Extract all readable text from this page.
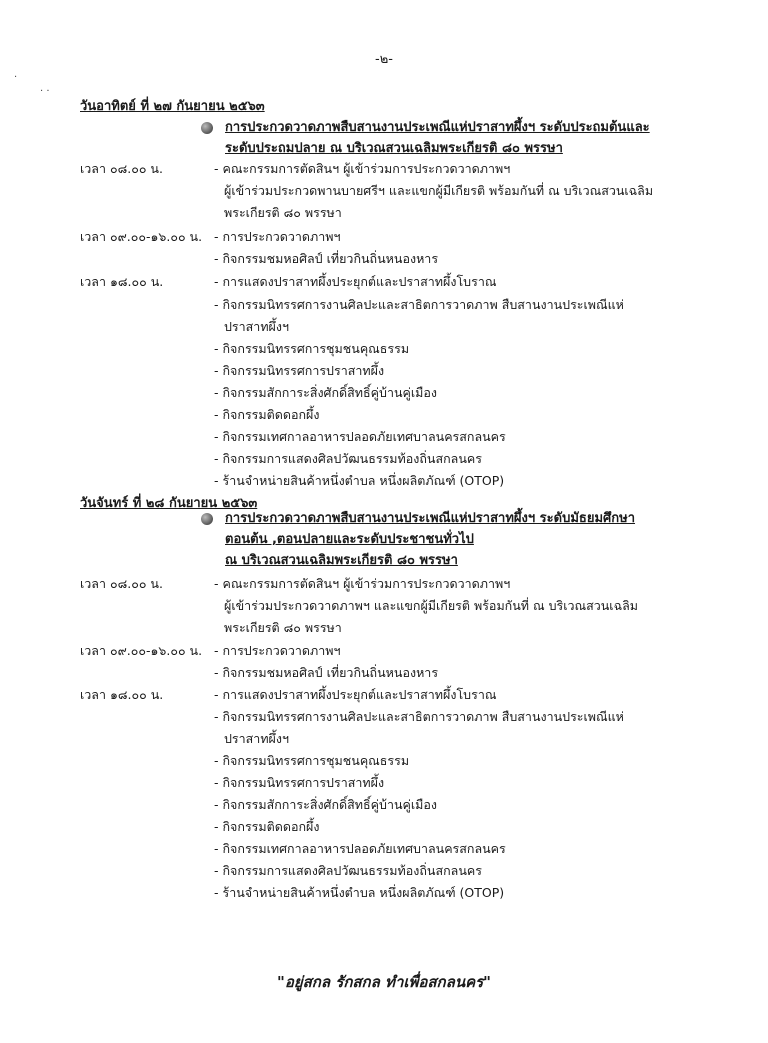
·
· ·
-๒-
วันอาทิตย์ ที่ ๒๗ กันยายน ๒๕๖๓
การประกวดวาดภาพสืบสานงานประเพณีแห่ปราสาทผึ้งฯ ระดับประถมต้นและ
ระดับประถมปลาย ณ บริเวณสวนเฉลิมพระเกียรติ ๘๐ พรรษา
เวลา ๐๘.๐๐ น.	- คณะกรรมการตัดสินฯ ผู้เข้าร่วมการประกวดวาดภาพฯ
ผู้เข้าร่วมประกวดพานบายศรีฯ และแขกผู้มีเกียรติ พร้อมกันที่ ณ บริเวณสวนเฉลิม
พระเกียรติ ๘๐ พรรษา
เวลา ๐๙.๐๐-๑๖.๐๐ น. - การประกวดวาดภาพฯ
- กิจกรรมชมหอศิลป์ เที่ยวกินถิ่นหนองหาร
เวลา ๑๘.๐๐ น.	- การแสดงปราสาทผึ้งประยุกต์และปราสาทผึ้งโบราณ
- กิจกรรมนิทรรศการงานศิลปะและสาธิตการวาดภาพ สืบสานงานประเพณีแห่
ปราสาทผึ้งฯ
- กิจกรรมนิทรรศการชุมชนคุณธรรม
- กิจกรรมนิทรรศการปราสาทผึ้ง
- กิจกรรมสักการะสิ่งศักดิ์สิทธิ์คู่บ้านคู่เมือง
- กิจกรรมติดดอกผึ้ง
- กิจกรรมเทศกาลอาหารปลอดภัยเทศบาลนครสกลนคร
- กิจกรรมการแสดงศิลปวัฒนธรรมท้องถิ่นสกลนคร
- ร้านจำหน่ายสินค้าหนึ่งตำบล หนึ่งผลิตภัณฑ์ (OTOP)
วันจันทร์ ที่ ๒๘ กันยายน ๒๕๖๓
การประกวดวาดภาพสืบสานงานประเพณีแห่ปราสาทผึ้งฯ ระดับมัธยมศึกษา
ตอนต้น ,ตอนปลายและระดับประชาชนทั่วไป
ณ บริเวณสวนเฉลิมพระเกียรติ ๘๐ พรรษา
เวลา ๐๘.๐๐ น.	- คณะกรรมการตัดสินฯ ผู้เข้าร่วมการประกวดวาดภาพฯ
ผู้เข้าร่วมประกวดวาดภาพฯ และแขกผู้มีเกียรติ พร้อมกันที่ ณ บริเวณสวนเฉลิม
พระเกียรติ ๘๐ พรรษา
เวลา ๐๙.๐๐-๑๖.๐๐ น. - การประกวดวาดภาพฯ
- กิจกรรมชมหอศิลป์ เที่ยวกินถิ่นหนองหาร
เวลา ๑๘.๐๐ น.	- การแสดงปราสาทผึ้งประยุกต์และปราสาทผึ้งโบราณ
- กิจกรรมนิทรรศการงานศิลปะและสาธิตการวาดภาพ สืบสานงานประเพณีแห่
ปราสาทผึ้งฯ
- กิจกรรมนิทรรศการชุมชนคุณธรรม
- กิจกรรมนิทรรศการปราสาทผึ้ง
- กิจกรรมสักการะสิ่งศักดิ์สิทธิ์คู่บ้านคู่เมือง
- กิจกรรมติดดอกผึ้ง
- กิจกรรมเทศกาลอาหารปลอดภัยเทศบาลนครสกลนคร
- กิจกรรมการแสดงศิลปวัฒนธรรมท้องถิ่นสกลนคร
- ร้านจำหน่ายสินค้าหนึ่งตำบล หนึ่งผลิตภัณฑ์ (OTOP)
"อยู่สกล รักสกล ทำเพื่อสกลนคร"
